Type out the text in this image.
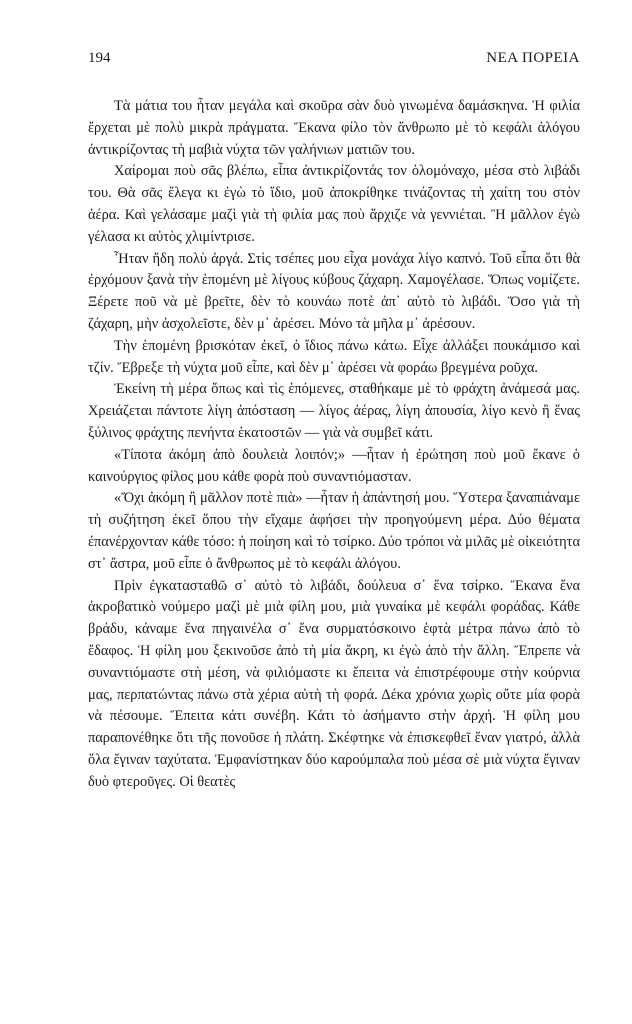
194	ΝΕΑ ΠΟΡΕΙΑ

Τὰ μάτια του ἦταν μεγάλα καὶ σκοῦρα σὰν δυὸ γινωμένα δαμάσκηνα. Ἡ φιλία ἔρχεται μὲ πολὺ μικρὰ πράγματα. Ἔκανα φίλο τὸν ἄνθρωπο μὲ τὸ κεφάλι ἀλόγου ἀντικρίζοντας τὴ μαβιὰ νύχτα τῶν γαλήνιων ματιῶν του.

Χαίρομαι ποὺ σᾶς βλέπω, εἶπα ἀντικρίζοντάς τον ὁλομόναχο, μέσα στὸ λιβάδι του. Θὰ σᾶς ἔλεγα κι ἐγὼ τὸ ἴδιο, μοῦ ἀποκρίθηκε τινάζοντας τὴ χαίτη του στὸν ἀέρα. Καὶ γελάσαμε μαζὶ γιὰ τὴ φιλία μας ποὺ ἄρχιζε νὰ γεννιέται. Ἢ μᾶλλον ἐγὼ γέλασα κι αὐτὸς χλιμίντρισε.

Ἦταν ἤδη πολὺ ἀργά. Στὶς τσέπες μου εἶχα μονάχα λίγο καπνό. Τοῦ εἶπα ὅτι θὰ ἐρχόμουν ξανὰ τὴν ἑπομένη μὲ λίγους κύβους ζάχαρη. Χαμογέλασε. Ὅπως νομίζετε. Ξέρετε ποῦ νὰ μὲ βρεῖτε, δὲν τὸ κουνάω ποτὲ ἀπ᾽ αὐτὸ τὸ λιβάδι. Ὅσο γιὰ τὴ ζάχαρη, μὴν ἀσχολεῖστε, δὲν μ᾽ ἀρέσει. Μόνο τὰ μῆλα μ᾽ ἀρέσουν.

Τὴν ἑπομένη βρισκόταν ἐκεῖ, ὁ ἴδιος πάνω κάτω. Εἶχε ἀλλάξει πουκάμισο καὶ τζίν. Ἔβρεξε τὴ νύχτα μοῦ εἶπε, καὶ δὲν μ᾽ ἀρέσει νὰ φοράω βρεγμένα ροῦχα.

Ἐκείνη τὴ μέρα ὅπως καὶ τὶς ἑπόμενες, σταθήκαμε μὲ τὸ φράχτη ἀνάμεσά μας. Χρειάζεται πάντοτε λίγη ἀπόσταση — λίγος ἀέρας, λίγη ἀπουσία, λίγο κενὸ ἢ ἕνας ξύλινος φράχτης πενήντα ἑκατοστῶν — γιὰ νὰ συμβεῖ κάτι.

«Τίποτα ἀκόμη ἀπὸ δουλειὰ λοιπόν;» —ἦταν ἡ ἐρώτηση ποὺ μοῦ ἔκανε ὁ καινούργιος φίλος μου κάθε φορὰ ποὺ συναντιόμασταν.

«Ὄχι ἀκόμη ἢ μᾶλλον ποτὲ πιὰ» —ἦταν ἡ ἀπάντησή μου. Ὕστερα ξαναπιάναμε τὴ συζήτηση ἐκεῖ ὅπου τὴν εἴχαμε ἀφήσει τὴν προηγούμενη μέρα. Δύο θέματα ἐπανέρχονταν κάθε τόσο: ἡ ποίηση καὶ τὸ τσίρκο. Δύο τρόποι νὰ μιλᾶς μὲ οἰκειότητα στ᾽ ἄστρα, μοῦ εἶπε ὁ ἄνθρωπος μὲ τὸ κεφάλι ἀλόγου.

Πρὶν ἐγκατασταθῶ σ᾽ αὐτὸ τὸ λιβάδι, δούλευα σ᾽ ἕνα τσίρκο. Ἔκανα ἕνα ἀκροβατικὸ νούμερο μαζὶ μὲ μιὰ φίλη μου, μιὰ γυναίκα μὲ κεφάλι φοράδας. Κάθε βράδυ, κάναμε ἕνα πηγαινέλα σ᾽ ἕνα συρματόσκοινο ἑφτὰ μέτρα πάνω ἀπὸ τὸ ἔδαφος. Ἡ φίλη μου ξεκινοῦσε ἀπὸ τὴ μία ἄκρη, κι ἐγὼ ἀπὸ τὴν ἄλλη. Ἔπρεπε νὰ συναντιόμαστε στὴ μέση, νὰ φιλιόμαστε κι ἔπειτα νὰ ἐπιστρέφουμε στὴν κούρνια μας, περπατώντας πάνω στὰ χέρια αὐτὴ τὴ φορά. Δέκα χρόνια χωρὶς οὔτε μία φορὰ νὰ πέσουμε. Ἔπειτα κάτι συνέβη. Κάτι τὸ ἀσήμαντο στὴν ἀρχή. Ἡ φίλη μου παραπονέθηκε ὅτι τῆς πονοῦσε ἡ πλάτη. Σκέφτηκε νὰ ἐπισκεφθεῖ ἕναν γιατρό, ἀλλὰ ὅλα ἔγιναν ταχύτατα. Ἐμφανίστηκαν δύο καρούμπαλα ποὺ μέσα σὲ μιὰ νύχτα ἔγιναν δυὸ φτεροῦγες. Οἱ θεατὲς
